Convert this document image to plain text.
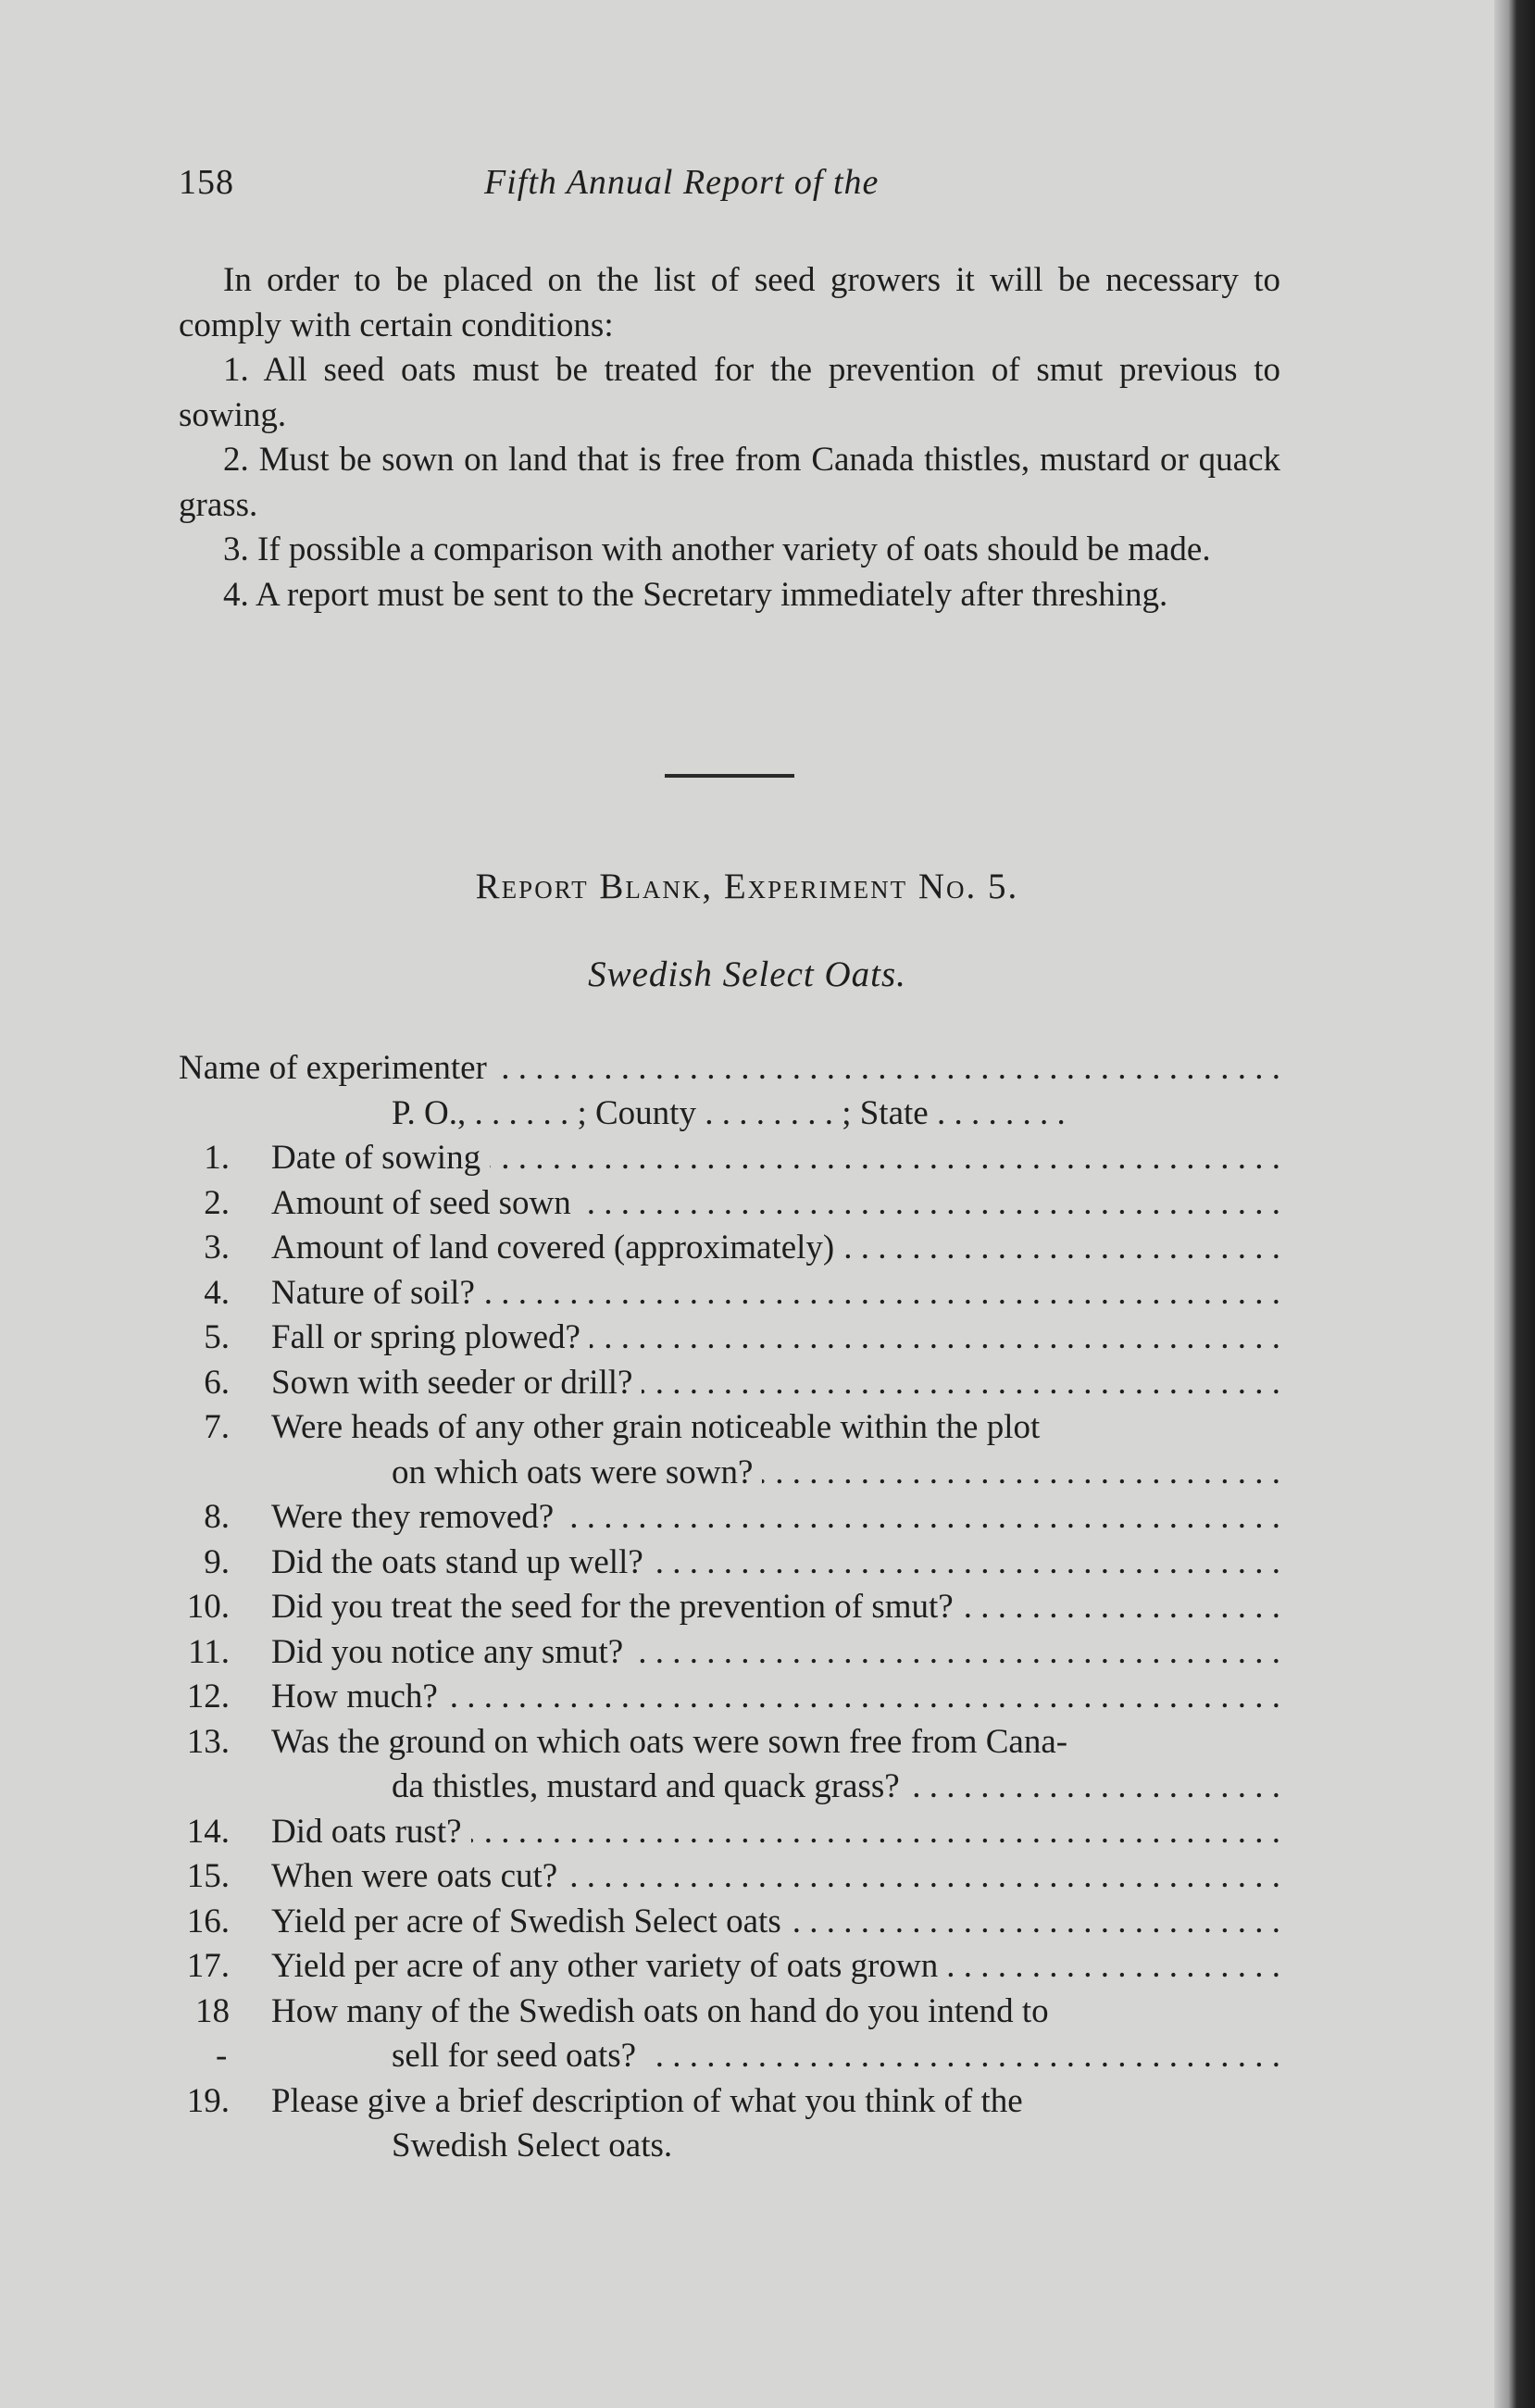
158	Fifth Annual Report of the

In order to be placed on the list of seed growers it will be necessary to comply with certain conditions:

1. All seed oats must be treated for the prevention of smut previous to sowing.

2. Must be sown on land that is free from Canada thistles, mustard or quack grass.

3. If possible a comparison with another variety of oats should be made.

4. A report must be sent to the Secretary immediately after threshing.

Report Blank, Experiment No. 5.
Swedish Select Oats.
Name of experimenter . . .
P. O., . . . . . . ; County . . . . . . . . ; State . . . . . . . .
1. Date of sowing . . .
2. Amount of seed sown . . .
3. Amount of land covered (approximately) . . .
4. Nature of soil? . . .
5. Fall or spring plowed? . . .
6. Sown with seeder or drill? . . .
7. Were heads of any other grain noticeable within the plot
on which oats were sown? . . .
8. Were they removed? . . .
9. Did the oats stand up well? . . .
10. Did you treat the seed for the prevention of smut? . . .
11. Did you notice any smut? . . .
12. How much? . . .
13. Was the ground on which oats were sown free from Cana-
da thistles, mustard and quack grass? . . .
14. Did oats rust? . . .
15. When were oats cut? . . .
16. Yield per acre of Swedish Select oats . . .
17. Yield per acre of any other variety of oats grown . . .
18 How many of the Swedish oats on hand do you intend to
-	sell for seed oats? . . .
19. Please give a brief description of what you think of the
Swedish Select oats.
